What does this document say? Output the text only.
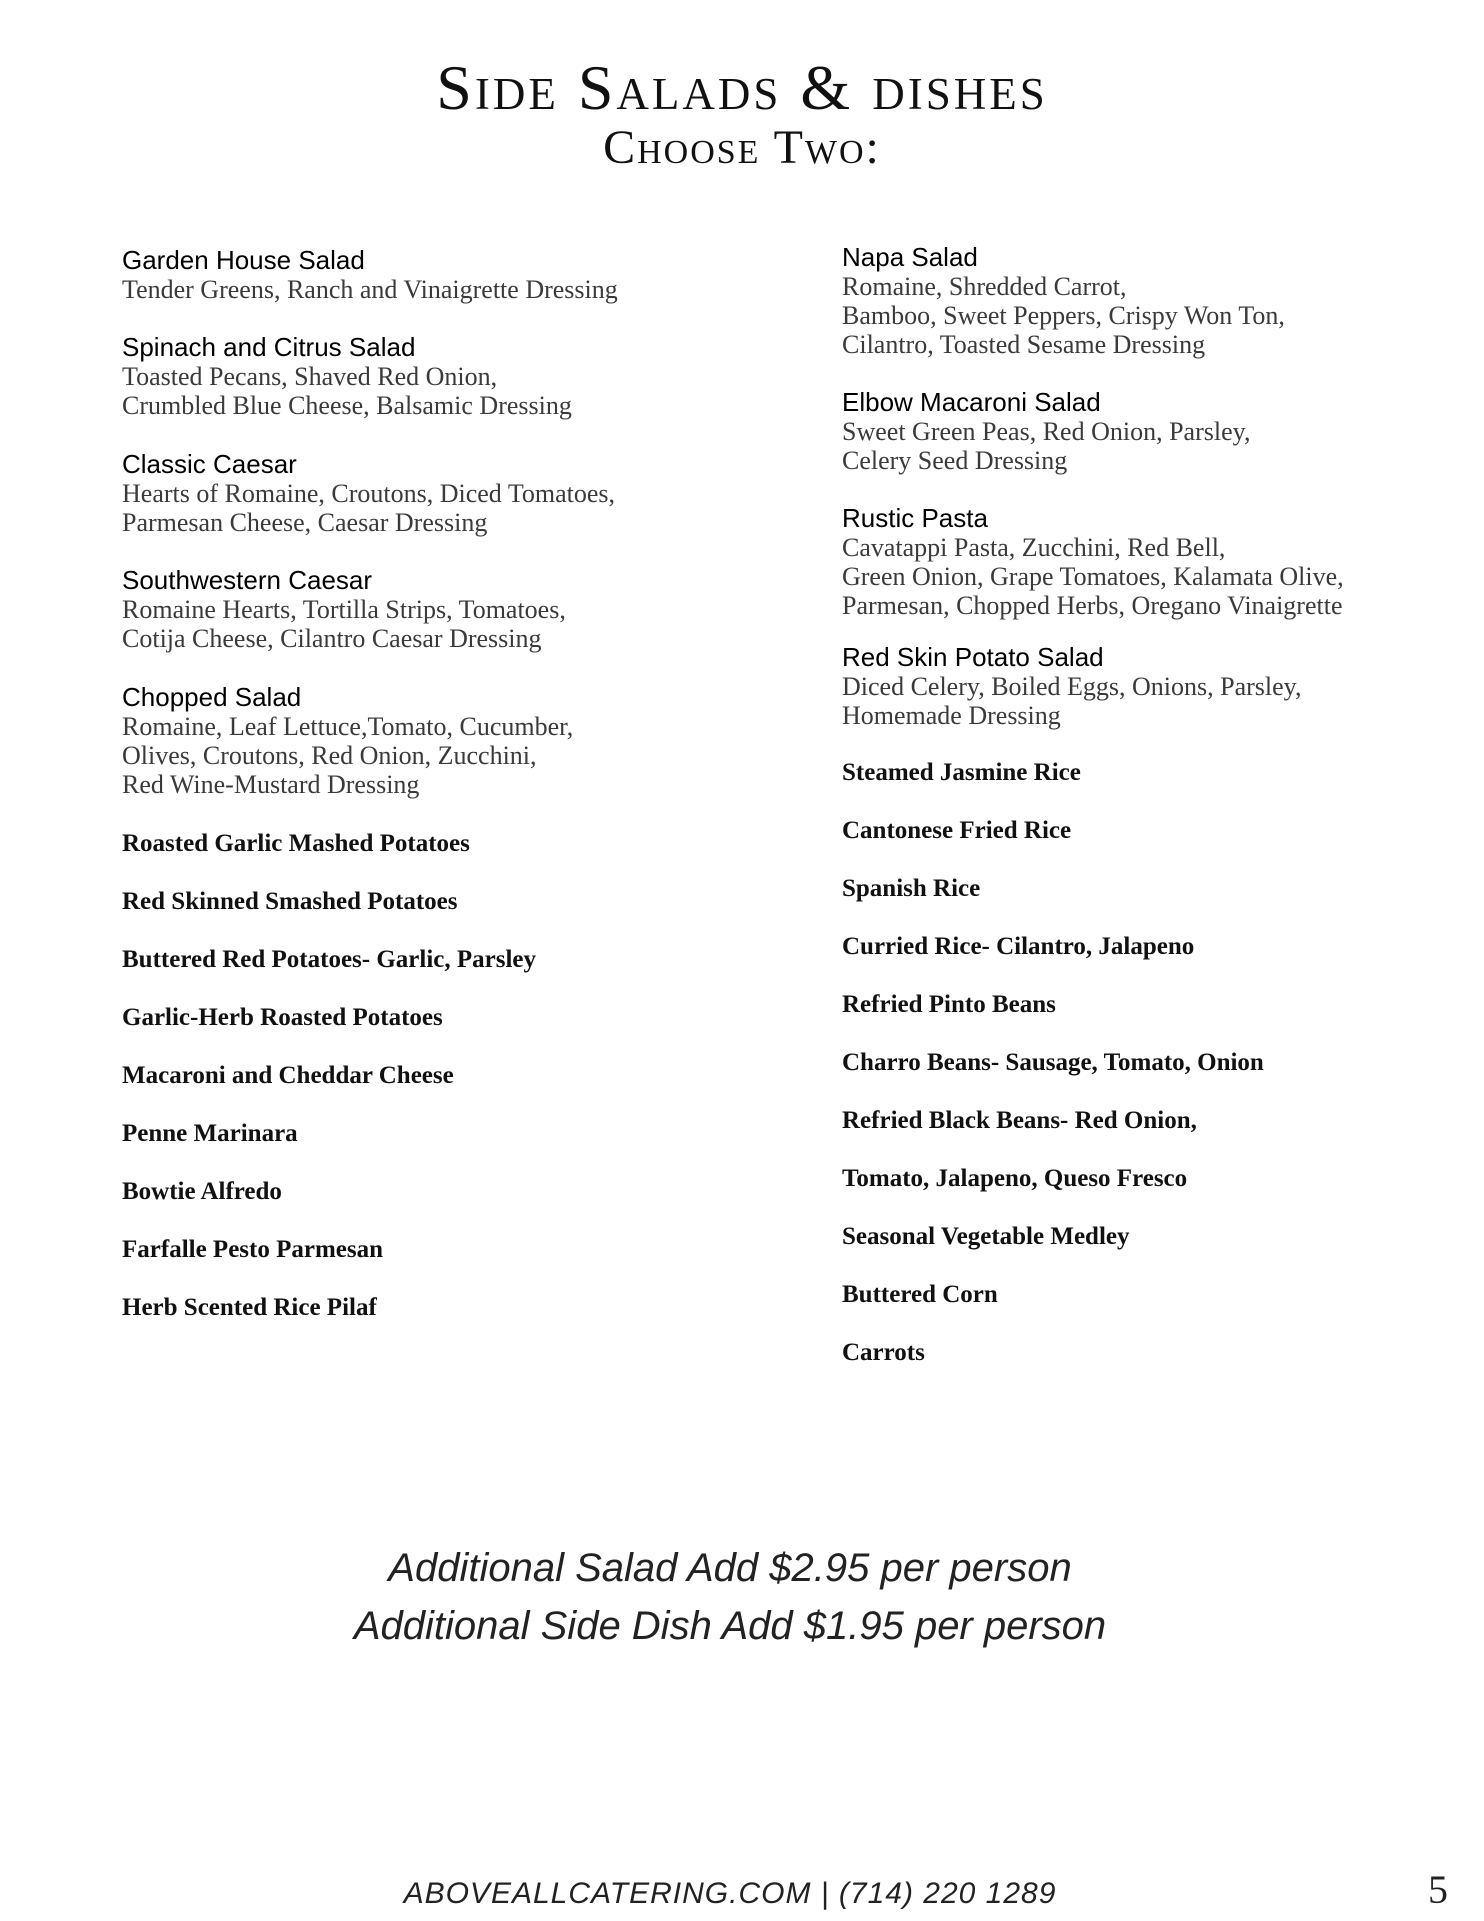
Side Salads & dishes
Choose Two:
Garden House Salad
Tender Greens, Ranch and Vinaigrette Dressing
Spinach and Citrus Salad
Toasted Pecans, Shaved Red Onion,
Crumbled Blue Cheese, Balsamic Dressing
Classic Caesar
Hearts of Romaine, Croutons, Diced Tomatoes,
Parmesan Cheese, Caesar Dressing
Southwestern Caesar
Romaine Hearts, Tortilla Strips, Tomatoes,
Cotija Cheese, Cilantro Caesar Dressing
Chopped Salad
Romaine, Leaf Lettuce,Tomato, Cucumber,
Olives, Croutons, Red Onion, Zucchini,
Red Wine-Mustard Dressing
Roasted Garlic Mashed Potatoes
Red Skinned Smashed Potatoes
Buttered Red Potatoes- Garlic, Parsley
Garlic-Herb Roasted Potatoes
Macaroni and Cheddar Cheese
Penne Marinara
Bowtie Alfredo
Farfalle Pesto Parmesan
Herb Scented Rice Pilaf
Napa Salad
Romaine, Shredded Carrot,
Bamboo, Sweet Peppers, Crispy Won Ton,
Cilantro, Toasted Sesame Dressing
Elbow Macaroni Salad
Sweet Green Peas, Red Onion, Parsley,
Celery Seed Dressing
Rustic Pasta
Cavatappi Pasta, Zucchini, Red Bell,
Green Onion, Grape Tomatoes, Kalamata Olive,
Parmesan, Chopped Herbs, Oregano Vinaigrette
Red Skin Potato Salad
Diced Celery, Boiled Eggs, Onions, Parsley,
Homemade Dressing
Steamed Jasmine Rice
Cantonese Fried Rice
Spanish Rice
Curried Rice- Cilantro, Jalapeno
Refried Pinto Beans
Charro Beans- Sausage, Tomato, Onion
Refried Black Beans- Red Onion,
Tomato, Jalapeno, Queso Fresco
Seasonal Vegetable Medley
Buttered Corn
Carrots
Additional Salad Add $2.95 per person
Additional Side Dish Add $1.95 per person
ABOVEALLCATERING.COM | (714) 220 1289	5
